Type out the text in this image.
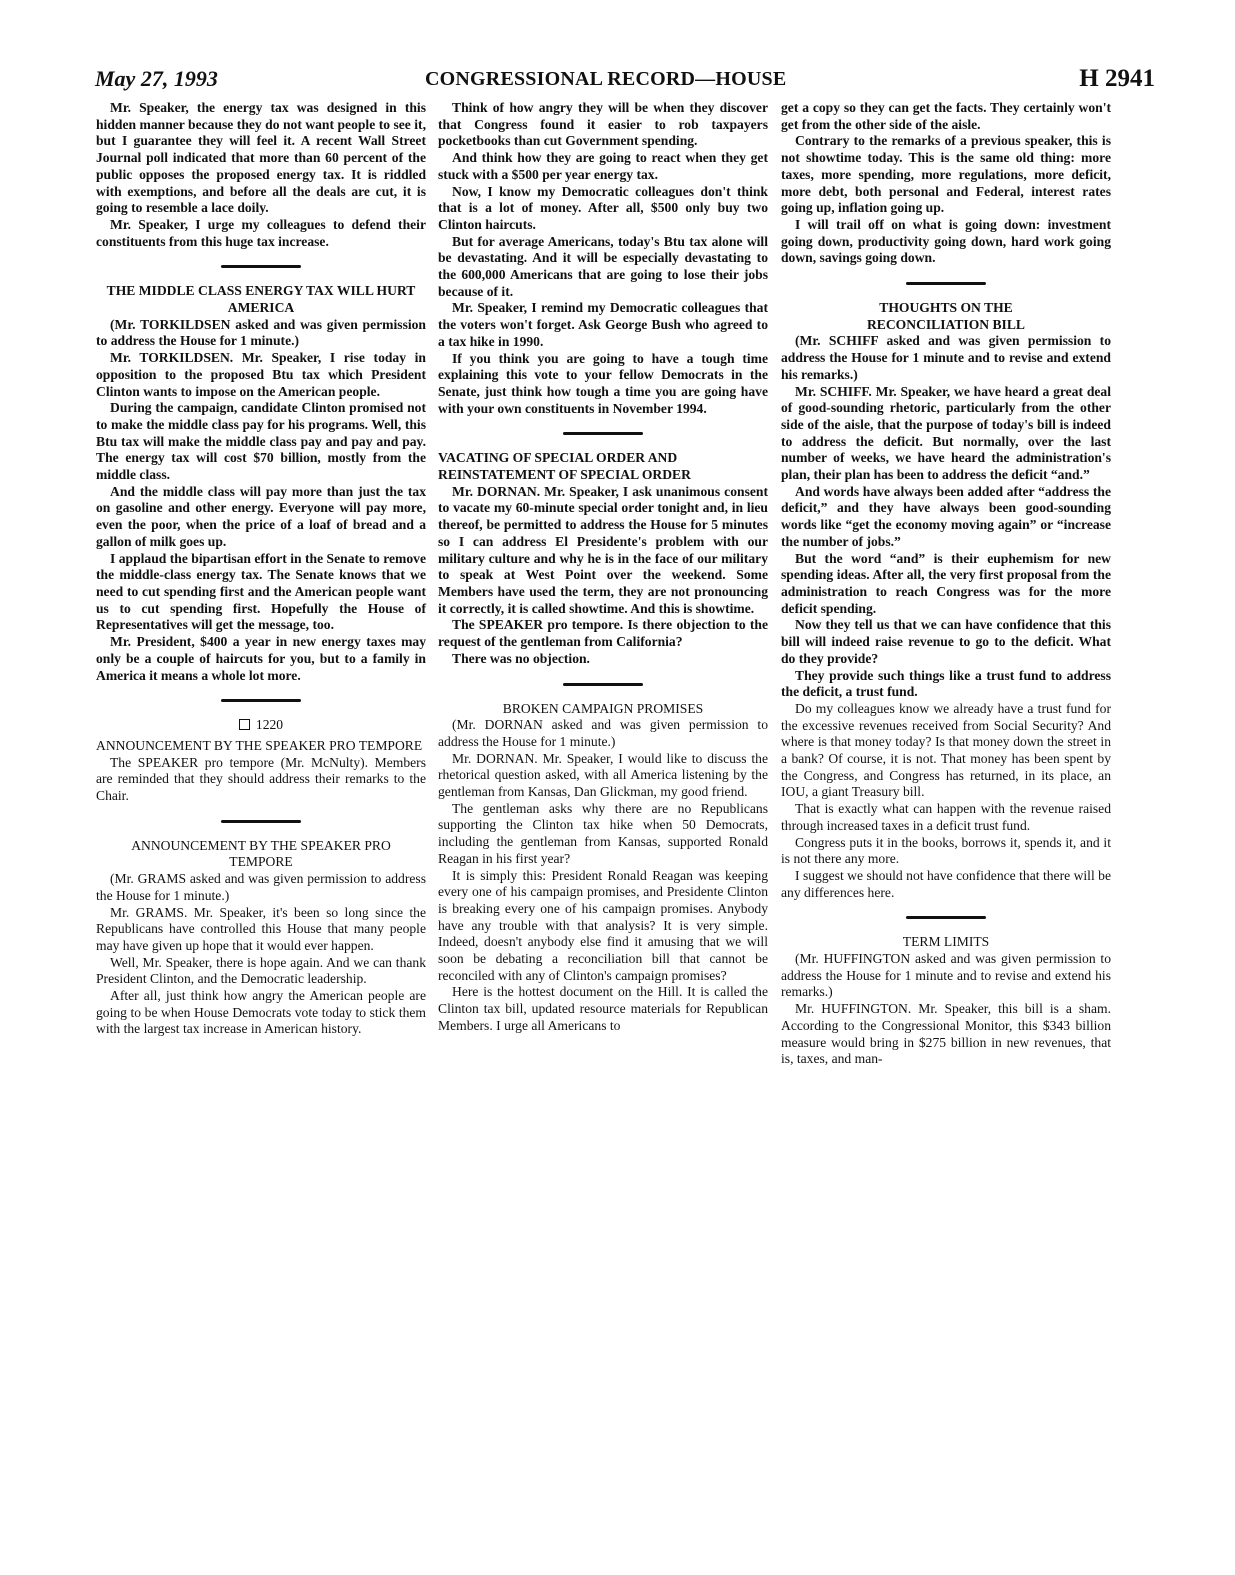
May 27, 1993	CONGRESSIONAL RECORD—HOUSE	H 2941

Mr. Speaker, the energy tax was designed in this hidden manner because they do not want people to see it, but I guarantee they will feel it. A recent Wall Street Journal poll indicated that more than 60 percent of the public opposes the proposed energy tax. It is riddled with exemptions, and before all the deals are cut, it is going to resemble a lace doily.

Mr. Speaker, I urge my colleagues to defend their constituents from this huge tax increase.

THE MIDDLE CLASS ENERGY TAX WILL HURT AMERICA

(Mr. TORKILDSEN asked and was given permission to address the House for 1 minute.)

Mr. TORKILDSEN. Mr. Speaker, I rise today in opposition to the proposed Btu tax which President Clinton wants to impose on the American people.

During the campaign, candidate Clinton promised not to make the middle class pay for his programs. Well, this Btu tax will make the middle class pay and pay and pay. The energy tax will cost $70 billion, mostly from the middle class.

And the middle class will pay more than just the tax on gasoline and other energy. Everyone will pay more, even the poor, when the price of a loaf of bread and a gallon of milk goes up.

I applaud the bipartisan effort in the Senate to remove the middle-class energy tax. The Senate knows that we need to cut spending first and the American people want us to cut spending first. Hopefully the House of Representatives will get the message, too.

Mr. President, $400 a year in new energy taxes may only be a couple of haircuts for you, but to a family in America it means a whole lot more.

1220
ANNOUNCEMENT BY THE SPEAKER PRO TEMPORE

The SPEAKER pro tempore (Mr. McNulty). Members are reminded that they should address their remarks to the Chair.

ANNOUNCEMENT BY THE SPEAKER PRO TEMPORE

(Mr. GRAMS asked and was given permission to address the House for 1 minute.)

Mr. GRAMS. Mr. Speaker, it's been so long since the Republicans have controlled this House that many people may have given up hope that it would ever happen.

Well, Mr. Speaker, there is hope again. And we can thank President Clinton, and the Democratic leadership.

After all, just think how angry the American people are going to be when House Democrats vote today to stick them with the largest tax increase in American history.

Think of how angry they will be when they discover that Congress found it easier to rob taxpayers pocketbooks than cut Government spending.

And think how they are going to react when they get stuck with a $500 per year energy tax.

Now, I know my Democratic colleagues don't think that is a lot of money. After all, $500 only buy two Clinton haircuts.

But for average Americans, today's Btu tax alone will be devastating. And it will be especially devastating to the 600,000 Americans that are going to lose their jobs because of it.

Mr. Speaker, I remind my Democratic colleagues that the voters won't forget. Ask George Bush who agreed to a tax hike in 1990.

If you think you are going to have a tough time explaining this vote to your fellow Democrats in the Senate, just think how tough a time you are going have with your own constituents in November 1994.

VACATING OF SPECIAL ORDER AND REINSTATEMENT OF SPECIAL ORDER

Mr. DORNAN. Mr. Speaker, I ask unanimous consent to vacate my 60-minute special order tonight and, in lieu thereof, be permitted to address the House for 5 minutes so I can address El Presidente's problem with our military culture and why he is in the face of our military to speak at West Point over the weekend. Some Members have used the term, they are not pronouncing it correctly, it is called showtime. And this is showtime.

The SPEAKER pro tempore. Is there objection to the request of the gentleman from California?

There was no objection.

BROKEN CAMPAIGN PROMISES

(Mr. DORNAN asked and was given permission to address the House for 1 minute.)

Mr. DORNAN. Mr. Speaker, I would like to discuss the rhetorical question asked, with all America listening by the gentleman from Kansas, Dan Glickman, my good friend.

The gentleman asks why there are no Republicans supporting the Clinton tax hike when 50 Democrats, including the gentleman from Kansas, supported Ronald Reagan in his first year?

It is simply this: President Ronald Reagan was keeping every one of his campaign promises, and Presidente Clinton is breaking every one of his campaign promises. Anybody have any trouble with that analysis? It is very simple. Indeed, doesn't anybody else find it amusing that we will soon be debating a reconciliation bill that cannot be reconciled with any of Clinton's campaign promises?

Here is the hottest document on the Hill. It is called the Clinton tax bill, updated resource materials for Republican Members. I urge all Americans to

get a copy so they can get the facts. They certainly won't get from the other side of the aisle.

Contrary to the remarks of a previous speaker, this is not showtime today. This is the same old thing: more taxes, more spending, more regulations, more deficit, more debt, both personal and Federal, interest rates going up, inflation going up.

I will trail off on what is going down: investment going down, productivity going down, hard work going down, savings going down.

THOUGHTS ON THE RECONCILIATION BILL

(Mr. SCHIFF asked and was given permission to address the House for 1 minute and to revise and extend his remarks.)

Mr. SCHIFF. Mr. Speaker, we have heard a great deal of good-sounding rhetoric, particularly from the other side of the aisle, that the purpose of today's bill is indeed to address the deficit. But normally, over the last number of weeks, we have heard the administration's plan, their plan has been to address the deficit “and.”

And words have always been added after “address the deficit,” and they have always been good-sounding words like “get the economy moving again” or “increase the number of jobs.”

But the word “and” is their euphemism for new spending ideas. After all, the very first proposal from the administration to reach Congress was for the more deficit spending.

Now they tell us that we can have confidence that this bill will indeed raise revenue to go to the deficit. What do they provide?

They provide such things like a trust fund to address the deficit, a trust fund.

Do my colleagues know we already have a trust fund for the excessive revenues received from Social Security? And where is that money today? Is that money down the street in a bank? Of course, it is not. That money has been spent by the Congress, and Congress has returned, in its place, an IOU, a giant Treasury bill.

That is exactly what can happen with the revenue raised through increased taxes in a deficit trust fund.

Congress puts it in the books, borrows it, spends it, and it is not there any more.

I suggest we should not have confidence that there will be any differences here.

TERM LIMITS

(Mr. HUFFINGTON asked and was given permission to address the House for 1 minute and to revise and extend his remarks.)

Mr. HUFFINGTON. Mr. Speaker, this bill is a sham. According to the Congressional Monitor, this $343 billion measure would bring in $275 billion in new revenues, that is, taxes, and man-
